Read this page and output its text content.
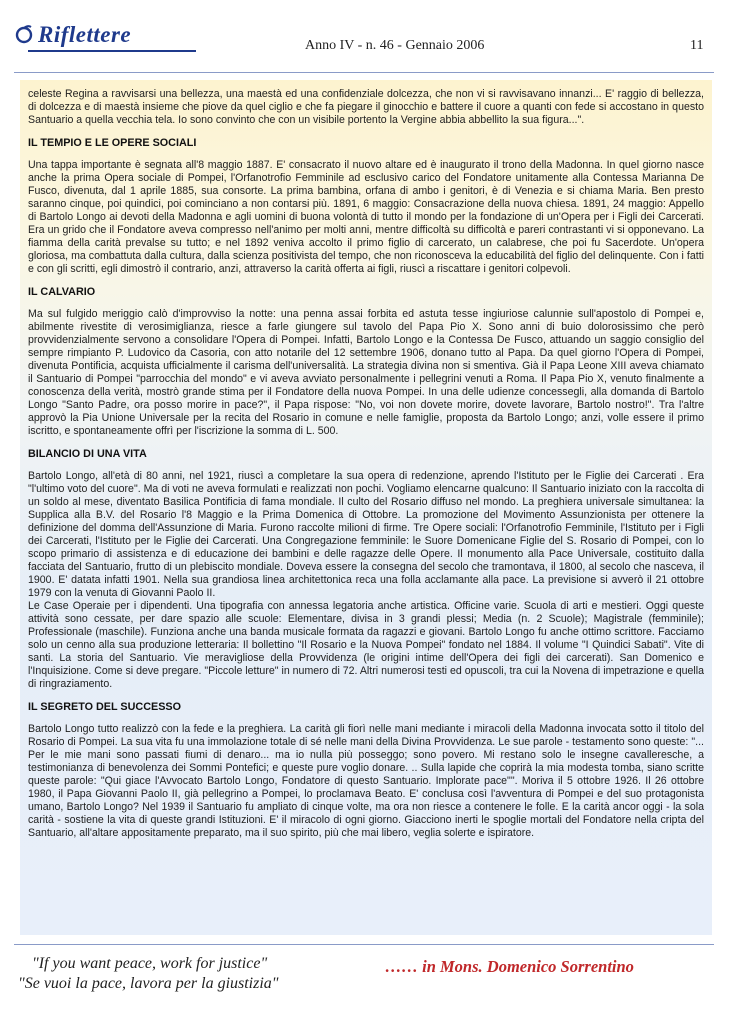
Riflettere	Anno IV - n. 46 - Gennaio 2006	11

celeste Regina a ravvisarsi una bellezza, una maestà ed una confidenziale dolcezza, che non vi si ravvisavano innanzi... E' raggio di bellezza, di dolcezza e di maestà insieme che piove da quel ciglio e che fa piegare il ginocchio e battere il cuore a quanti con fede si accostano in questo Santuario a quella vecchia tela. Io sono convinto che con un visibile portento la Vergine abbia abbellito la sua figura...".

IL TEMPIO E LE OPERE SOCIALI

Una tappa importante è segnata all'8 maggio 1887. E' consacrato il nuovo altare ed è inaugurato il trono della Madonna. In quel giorno nasce anche la prima Opera sociale di Pompei, l'Orfanotrofio Femminile ad esclusivo carico del Fondatore unitamente alla Contessa Marianna De Fusco, divenuta, dal 1 aprile 1885, sua consorte. La prima bambina, orfana di ambo i genitori, è di Venezia e si chiama Maria. Ben presto saranno cinque, poi quindici, poi cominciano a non contarsi più. 1891, 6 maggio: Consacrazione della nuova chiesa. 1891, 24 maggio: Appello di Bartolo Longo ai devoti della Madonna e agli uomini di buona volontà di tutto il mondo per la fondazione di un'Opera per i Figli dei Carcerati. Era un grido che il Fondatore aveva compresso nell'animo per molti anni, mentre difficoltà su difficoltà e pareri contrastanti vi si opponevano. La fiamma della carità prevalse su tutto; e nel 1892 veniva accolto il primo figlio di carcerato, un calabrese, che poi fu Sacerdote. Un'opera gloriosa, ma combattuta dalla cultura, dalla scienza positivista del tempo, che non riconosceva la educabilità del figlio del delinquente. Con i fatti e con gli scritti, egli dimostrò il contrario, anzi, attraverso la carità offerta ai figli, riuscì a riscattare i genitori colpevoli.

IL CALVARIO

Ma sul fulgido meriggio calò d'improvviso la notte: una penna assai forbita ed astuta tesse ingiuriose calunnie sull'apostolo di Pompei e, abilmente rivestite di verosimiglianza, riesce a farle giungere sul tavolo del Papa Pio X. Sono anni di buio dolorosissimo che però provvidenzialmente servono a consolidare l'Opera di Pompei. Infatti, Bartolo Longo e la Contessa De Fusco, attuando un saggio consiglio del sempre rimpianto P. Ludovico da Casoria, con atto notarile del 12 settembre 1906, donano tutto al Papa. Da quel giorno l'Opera di Pompei, divenuta Pontificia, acquista ufficialmente il carisma dell'universalità. La strategia divina non si smentiva. Già il Papa Leone XIII aveva chiamato il Santuario di Pompei "parrocchia del mondo" e vi aveva avviato personalmente i pellegrini venuti a Roma. Il Papa Pio X, venuto finalmente a conoscenza della verità, mostrò grande stima per il Fondatore della nuova Pompei. In una delle udienze concessegli, alla domanda di Bartolo Longo "Santo Padre, ora posso morire in pace?", il Papa rispose: "No, voi non dovete morire, dovete lavorare, Bartolo nostro!". Tra l'altre approvò la Pia Unione Universale per la recita del Rosario in comune e nelle famiglie, proposta da Bartolo Longo; anzi, volle essere il primo iscritto, e spontaneamente offrì per l'iscrizione la somma di L. 500.

BILANCIO DI UNA VITA

Bartolo Longo, all'età di 80 anni, nel 1921, riuscì a completare la sua opera di redenzione, aprendo l'Istituto per le Figlie dei Carcerati . Era "l'ultimo voto del cuore". Ma di voti ne aveva formulati e realizzati non pochi. Vogliamo elencarne qualcuno: Il Santuario iniziato con la raccolta di un soldo al mese, diventato Basilica Pontificia di fama mondiale. Il culto del Rosario diffuso nel mondo. La preghiera universale simultanea: la Supplica alla B.V. del Rosario l'8 Maggio e la Prima Domenica di Ottobre. La promozione del Movimento Assunzionista per ottenere la definizione del domma dell'Assunzione di Maria. Furono raccolte milioni di firme. Tre Opere sociali: l'Orfanotrofio Femminile, l'Istituto per i Figli dei Carcerati, l'Istituto per le Figlie dei Carcerati. Una Congregazione femminile: le Suore Domenicane Figlie del S. Rosario di Pompei, con lo scopo primario di assistenza e di educazione dei bambini e delle ragazze delle Opere. Il monumento alla Pace Universale, costituito dalla facciata del Santuario, frutto di un plebiscito mondiale. Doveva essere la consegna del secolo che tramontava, il 1800, al secolo che nasceva, il 1900. E' datata infatti 1901. Nella sua grandiosa linea architettonica reca una folla acclamante alla pace. La previsione si avverò il 21 ottobre 1979 con la venuta di Giovanni Paolo II.

Le Case Operaie per i dipendenti. Una tipografia con annessa legatoria anche artistica. Officine varie. Scuola di arti e mestieri. Oggi queste attività sono cessate, per dare spazio alle scuole: Elementare, divisa in 3 grandi plessi; Media (n. 2 Scuole); Magistrale (femminile); Professionale (maschile). Funziona anche una banda musicale formata da ragazzi e giovani. Bartolo Longo fu anche ottimo scrittore. Facciamo solo un cenno alla sua produzione letteraria: Il bollettino "Il Rosario e la Nuova Pompei" fondato nel 1884. Il volume "I Quindici Sabati". Vite di santi. La storia del Santuario. Vie meravigliose della Provvidenza (le origini intime dell'Opera dei figli dei carcerati). San Domenico e l'Inquisizione. Come si deve pregare. "Piccole letture" in numero di 72. Altri numerosi testi ed opuscoli, tra cui la Novena di impetrazione e quella di ringraziamento.

IL SEGRETO DEL SUCCESSO

Bartolo Longo tutto realizzò con la fede e la preghiera. La carità gli fiorì nelle mani mediante i miracoli della Madonna invocata sotto il titolo del Rosario di Pompei. La sua vita fu una immolazione totale di sé nelle mani della Divina Provvidenza. Le sue parole - testamento sono queste: "... Per le mie mani sono passati fiumi di denaro... ma io nulla più posseggo; sono povero. Mi restano solo le insegne cavalleresche, a testimonianza di benevolenza dei Sommi Pontefici; e queste pure voglio donare. .. Sulla lapide che coprirà la mia modesta tomba, siano scritte queste parole: "Qui giace l'Avvocato Bartolo Longo, Fondatore di questo Santuario. Implorate pace"". Moriva il 5 ottobre 1926. Il 26 ottobre 1980, il Papa Giovanni Paolo II, già pellegrino a Pompei, lo proclamava Beato. E' conclusa così l'avventura di Pompei e del suo protagonista umano, Bartolo Longo? Nel 1939 il Santuario fu ampliato di cinque volte, ma ora non riesce a contenere le folle. E la carità ancor oggi - la sola carità - sostiene la vita di queste grandi Istituzioni. E' il miracolo di ogni giorno. Giacciono inerti le spoglie mortali del Fondatore nella cripta del Santuario, all'altare appositamente preparato, ma il suo spirito, più che mai libero, veglia solerte e ispiratore.

"If you want peace, work for justice"
"Se vuoi la pace, lavora per la giustizia"
…… in Mons. Domenico Sorrentino
